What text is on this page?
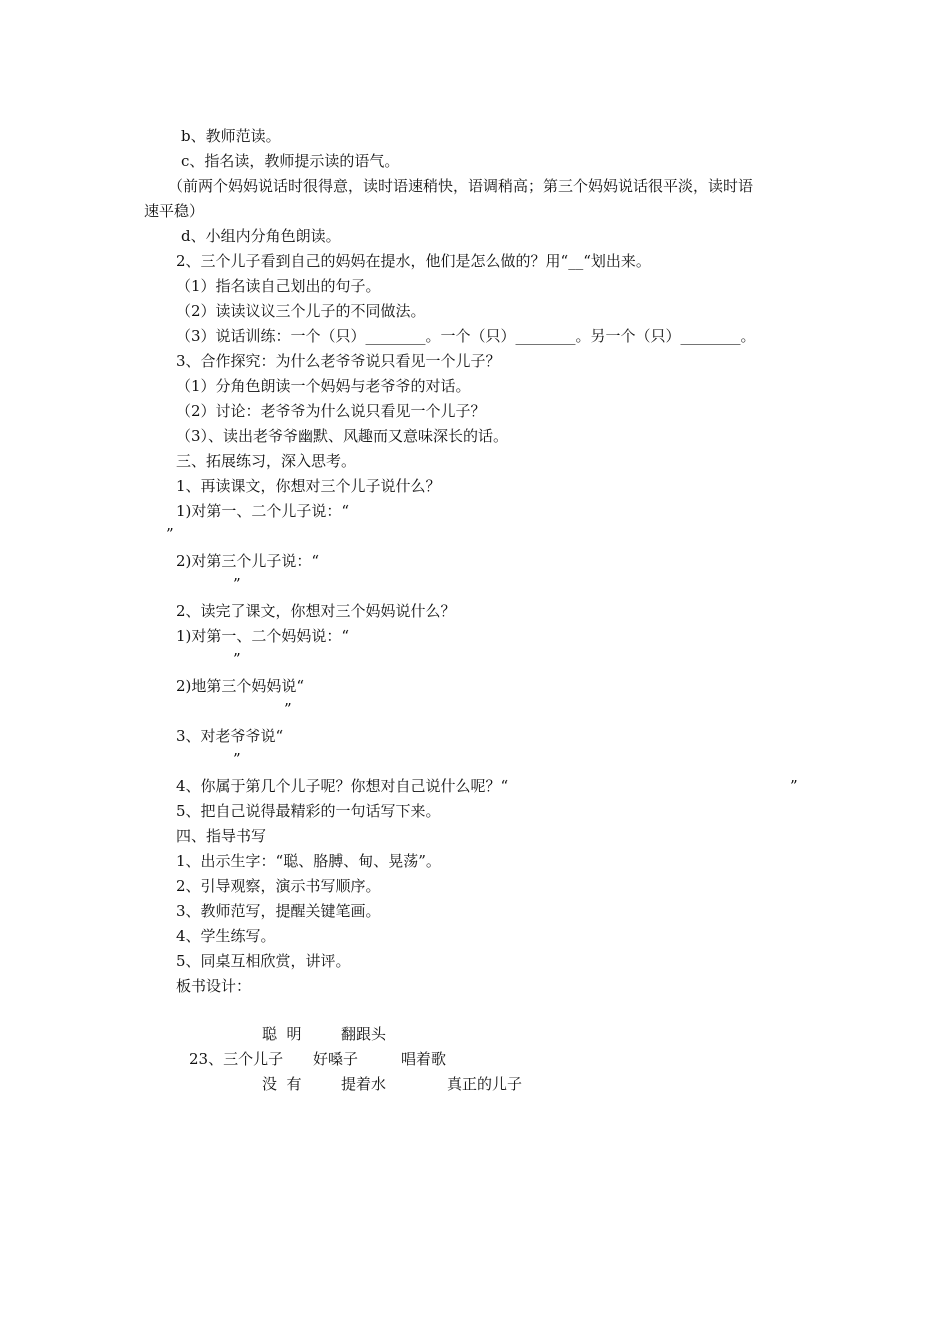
b、教师范读。
c、指名读，教师提示读的语气。
（前两个妈妈说话时很得意，读时语速稍快，语调稍高；第三个妈妈说话很平淡，读时语
速平稳）
d、小组内分角色朗读。
2、三个儿子看到自己的妈妈在提水，他们是怎么做的？用“__“划出来。
（1）指名读自己划出的句子。
（2）读读议议三个儿子的不同做法。
（3）说话训练：一个（只）________。一个（只）________。另一个（只）________。
3、合作探究：为什么老爷爷说只看见一个儿子？
（1）分角色朗读一个妈妈与老爷爷的对话。
（2）讨论：老爷爷为什么说只看见一个儿子？
（3）、读出老爷爷幽默、风趣而又意味深长的话。
三、拓展练习，深入思考。
1、再读课文，你想对三个儿子说什么？
1)对第一、二个儿子说：“
”
2)对第三个儿子说：“
”
2、读完了课文，你想对三个妈妈说什么？
1)对第一、二个妈妈说：“
”
2)地第三个妈妈说“
”
3、对老爷爷说“
”
4、你属于第几个儿子呢？你想对自己说什么呢？“	”
5、把自己说得最精彩的一句话写下来。
四、指导书写
1、出示生字：“聪、胳膊、甸、晃荡”。
2、引导观察，演示书写顺序。
3、教师范写，提醒关键笔画。
4、学生练写。
5、同桌互相欣赏，讲评。
板书设计：
聪  明	翻跟头
23、三个儿子 好嗓子	唱着歌
没  有	提着水	真正的儿子
